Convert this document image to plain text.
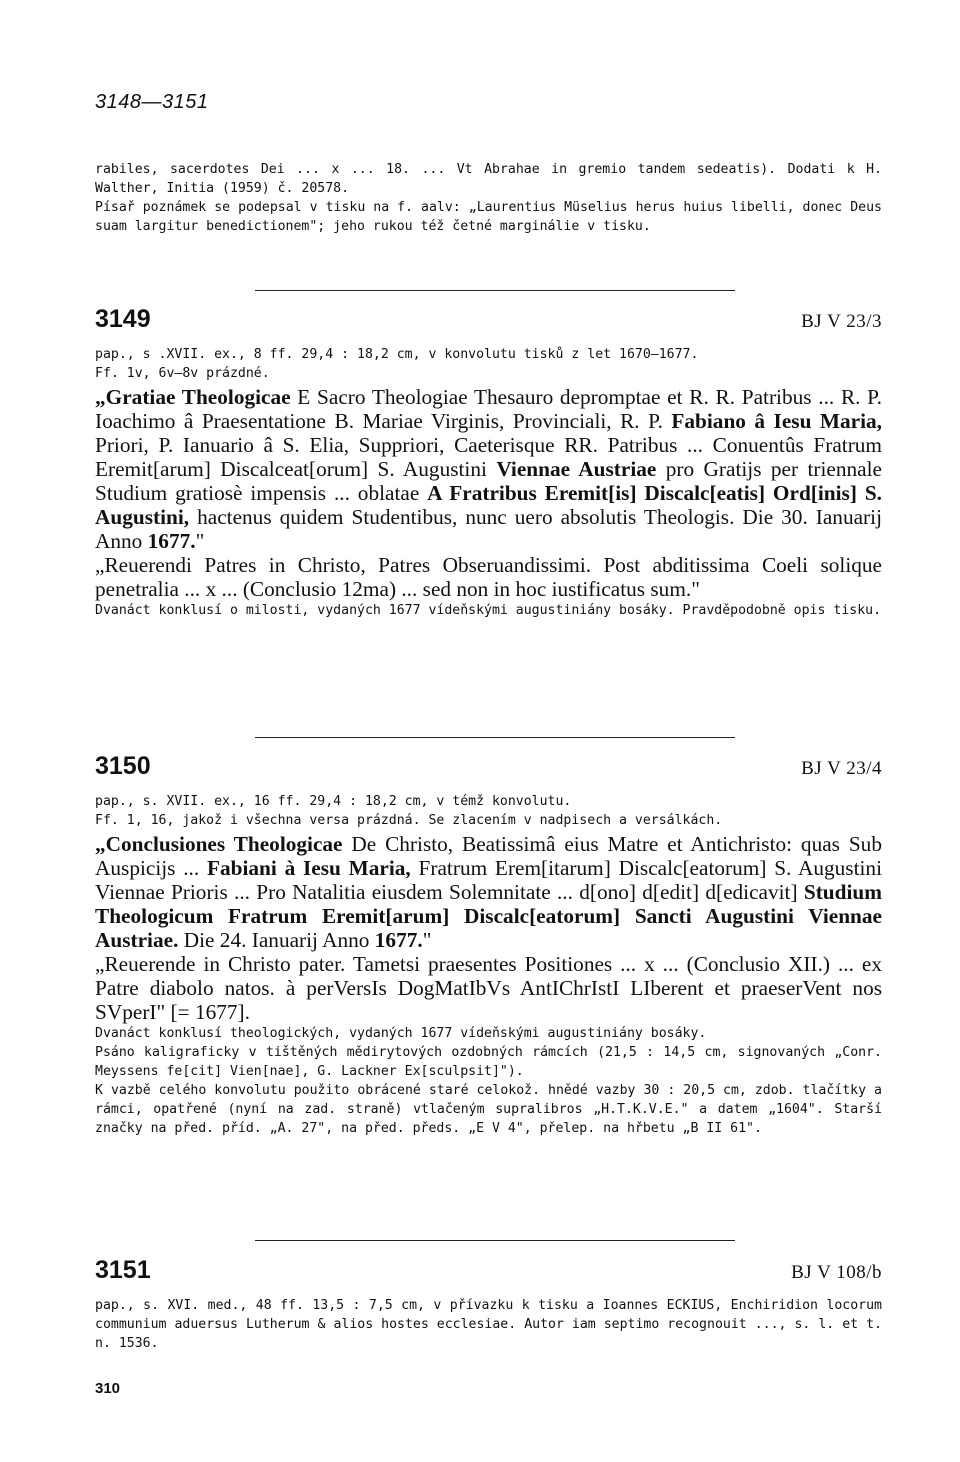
3148—3151

rabiles, sacerdotes Dei ... x ... 18. ... Vt Abrahae in gremio tandem sedeatis). Dodati k H. Walther, Initia (1959) č. 20578.

Písař poznámek se podepsal v tisku na f. aalv: „Laurentius Müselius herus huius libelli, donec Deus suam largitur benedictionem"; jeho rukou též četné marginálie v tisku.

3149	BJ V 23/3

pap., s .XVII. ex., 8 ff. 29,4 : 18,2 cm, v konvolutu tisků z let 1670—1677.

Ff. 1v, 6v—8v prázdné.

„Gratiae Theologicae E Sacro Theologiae Thesauro depromptae et R. R. Patribus ... R. P. Ioachimo â Praesentatione B. Mariae Virginis, Provinciali, R. P. Fabiano â Iesu Maria, Priori, P. Ianuario â S. Elia, Suppriori, Caeterisque RR. Patribus ... Conuentûs Fratrum Eremit[arum] Discalceat[orum] S. Augustini Viennae Austriae pro Gratijs per triennale Studium gratiosè impensis ... oblatae A Fratribus Eremit[is] Discalc[eatis] Ord[inis] S. Augustini, hactenus quidem Studentibus, nunc uero absolutis Theologis. Die 30. Ianuarij Anno 1677."

„Reuerendi Patres in Christo, Patres Obseruandissimi. Post abditissima Coeli solique penetralia ... x ... (Conclusio 12ma) ... sed non in hoc iustificatus sum."

Dvanáct konklusí o milosti, vydaných 1677 vídeňskými augustiniány bosáky. Pravděpodobně opis tisku.

3150	BJ V 23/4

pap., s. XVII. ex., 16 ff. 29,4 : 18,2 cm, v témž konvolutu.

Ff. 1, 16, jakož i všechna versa prázdná. Se zlacením v nadpisech a versálkách.

„Conclusiones Theologicae De Christo, Beatissimâ eius Matre et Antichristo: quas Sub Auspicijs ... Fabiani à Iesu Maria, Fratrum Erem[itarum] Discalc[eatorum] S. Augustini Viennae Prioris ... Pro Natalitia eiusdem Solemnitate ... d[ono] d[edit] d[edicavit] Studium Theologicum Fratrum Eremit[arum] Discalc[eatorum] Sancti Augustini Viennae Austriae. Die 24. Ianuarij Anno 1677."

„Reuerende in Christo pater. Tametsi praesentes Positiones ... x ... (Conclusio XII.) ... ex Patre diabolo natos. à perVersIs DogMatIbVs AntIChrIstI LIberent et praeserVent nos SVperI" [= 1677].

Dvanáct konklusí theologických, vydaných 1677 vídeňskými augustiniány bosáky.

Psáno kaligraficky v tištěných mědirytových ozdobných rámcích (21,5 : 14,5 cm, signovaných „Conr. Meyssens fe[cit] Vien[nae], G. Lackner Ex[sculpsit]").

K vazbě celého konvolutu použito obrácené staré celokož. hnědé vazby 30 : 20,5 cm, zdob. tlačítky a rámci, opatřené (nyní na zad. straně) vtlačeným supralibros „H.T.K.V.E." a datem „1604". Starší značky na před. příd. „A. 27", na před. předs. „E V 4", přelep. na hřbetu „B II 61".

3151	BJ V 108/b

pap., s. XVI. med., 48 ff. 13,5 : 7,5 cm, v přívazku k tisku a Ioannes ECKIUS, Enchiridion locorum communium aduersus Lutherum & alios hostes ecclesiae. Autor iam septimo recognouit ..., s. l. et t. n. 1536.

310
